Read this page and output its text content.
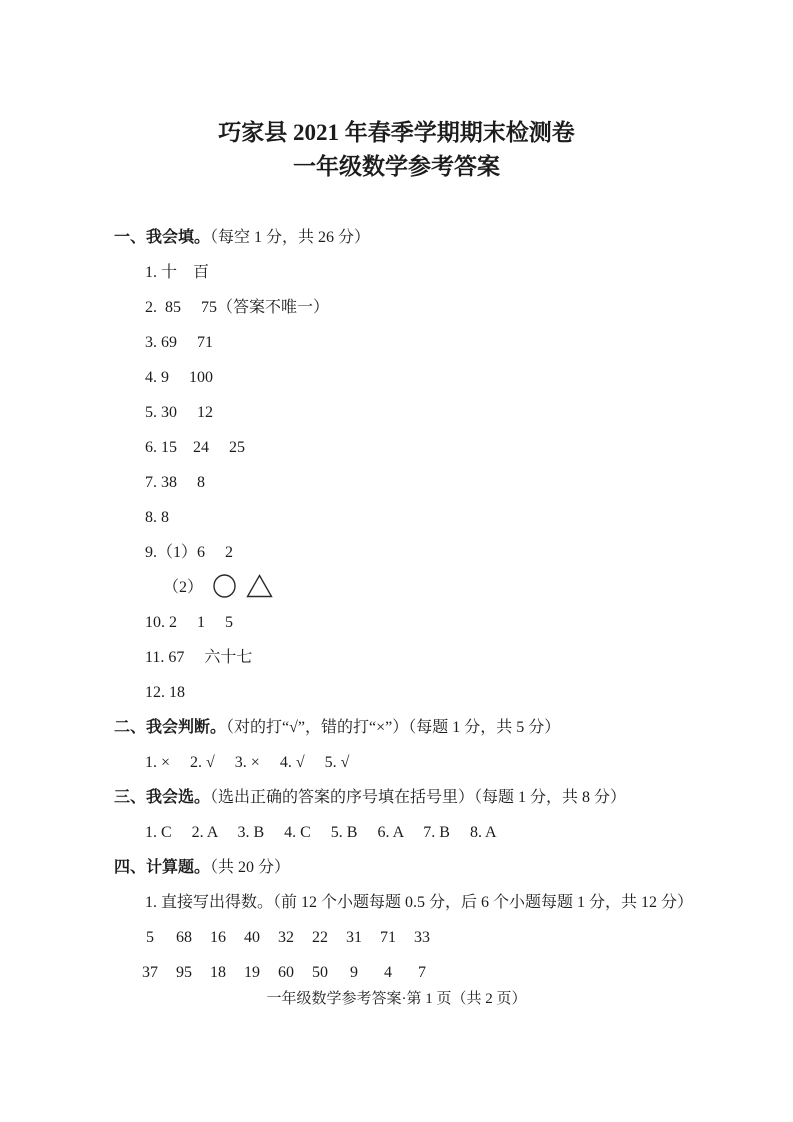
巧家县 2021 年春季学期期末检测卷
一年级数学参考答案
一、我会填。（每空 1 分，共 26 分）
1. 十　百
2.  85　 75（答案不唯一）
3. 69　 71
4. 9　 100
5. 30　 12
6. 15　24　 25
7. 38　 8
8. 8
9.（1）6　 2
（2）
10. 2　 1　 5
11. 67　 六十七
12. 18
二、我会判断。（对的打“√”，错的打“×”）（每题 1 分，共 5 分）
1. ×　 2. √　 3. ×　 4. √　 5. √
三、我会选。（选出正确的答案的序号填在括号里）（每题 1 分，共 8 分）
1. C　 2. A　 3. B　 4. C　 5. B　 6. A　 7. B　 8. A
四、计算题。（共 20 分）
1. 直接写出得数。（前 12 个小题每题 0.5 分，后 6 个小题每题 1 分，共 12 分）
5 68 16 40 32 22 31 71 33
37 95 18 19 60 50 9 4 7
一年级数学参考答案·第 1 页（共 2 页）
